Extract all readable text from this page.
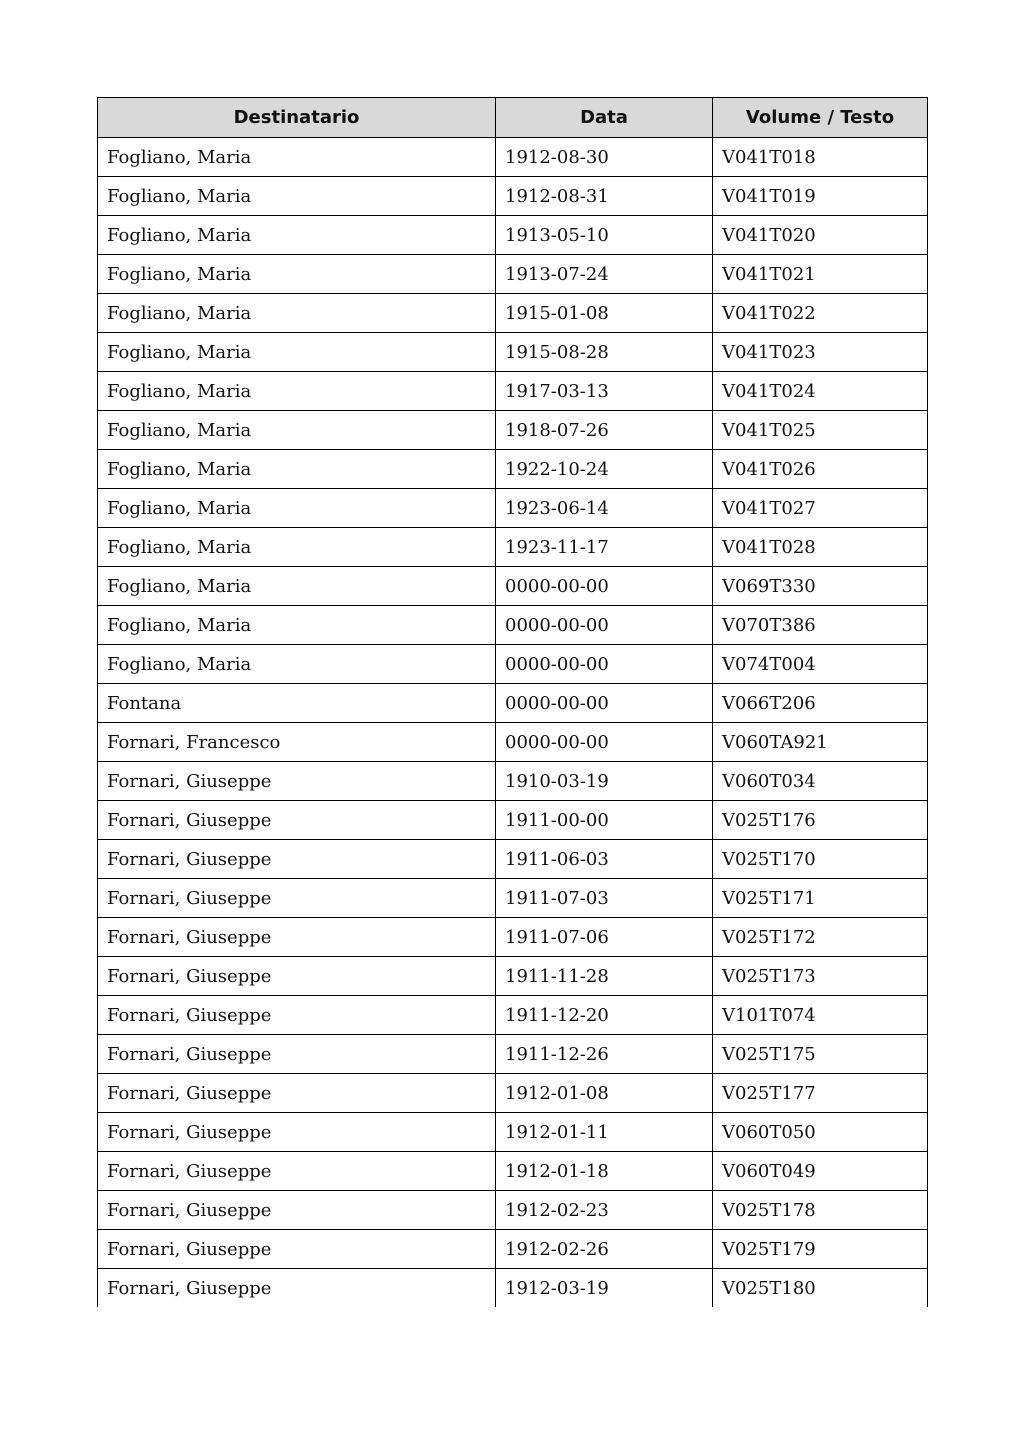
Destinatario	Data	Volume / Testo
Fogliano, Maria	1912-08-30	V041T018
Fogliano, Maria	1912-08-31	V041T019
Fogliano, Maria	1913-05-10	V041T020
Fogliano, Maria	1913-07-24	V041T021
Fogliano, Maria	1915-01-08	V041T022
Fogliano, Maria	1915-08-28	V041T023
Fogliano, Maria	1917-03-13	V041T024
Fogliano, Maria	1918-07-26	V041T025
Fogliano, Maria	1922-10-24	V041T026
Fogliano, Maria	1923-06-14	V041T027
Fogliano, Maria	1923-11-17	V041T028
Fogliano, Maria	0000-00-00	V069T330
Fogliano, Maria	0000-00-00	V070T386
Fogliano, Maria	0000-00-00	V074T004
Fontana	0000-00-00	V066T206
Fornari, Francesco	0000-00-00	V060TA921
Fornari, Giuseppe	1910-03-19	V060T034
Fornari, Giuseppe	1911-00-00	V025T176
Fornari, Giuseppe	1911-06-03	V025T170
Fornari, Giuseppe	1911-07-03	V025T171
Fornari, Giuseppe	1911-07-06	V025T172
Fornari, Giuseppe	1911-11-28	V025T173
Fornari, Giuseppe	1911-12-20	V101T074
Fornari, Giuseppe	1911-12-26	V025T175
Fornari, Giuseppe	1912-01-08	V025T177
Fornari, Giuseppe	1912-01-11	V060T050
Fornari, Giuseppe	1912-01-18	V060T049
Fornari, Giuseppe	1912-02-23	V025T178
Fornari, Giuseppe	1912-02-26	V025T179
Fornari, Giuseppe	1912-03-19	V025T180
